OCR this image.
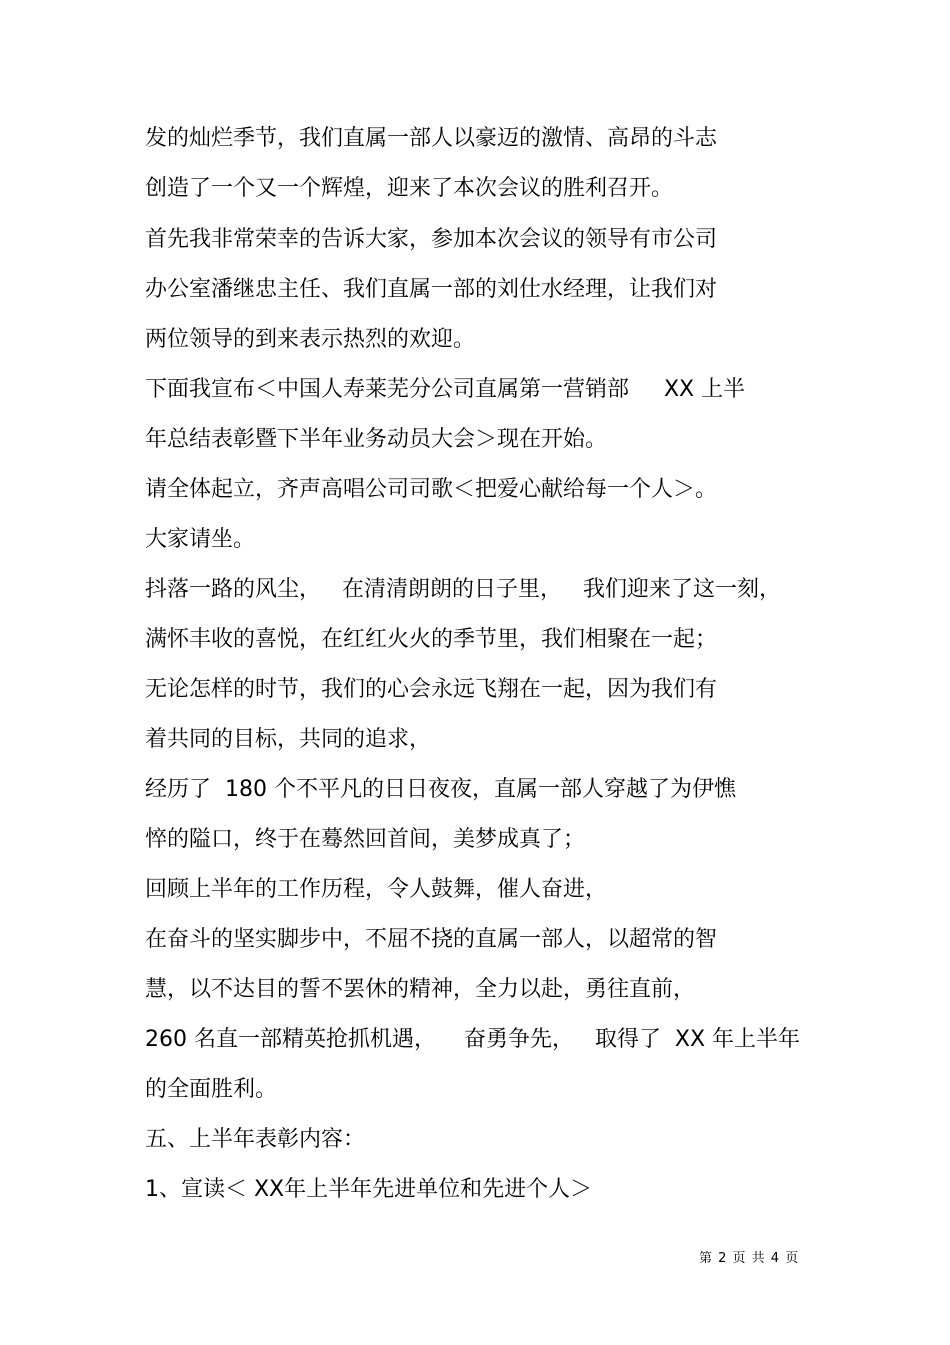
发的灿烂季节，我们直属一部人以豪迈的激情、高昂的斗志
创造了一个又一个辉煌，迎来了本次会议的胜利召开。
首先我非常荣幸的告诉大家，参加本次会议的领导有市公司
办公室潘继忠主任、我们直属一部的刘仕水经理，让我们对
两位领导的到来表示热烈的欢迎。
下面我宣布＜中国人寿莱芜分公司直属第一营销部     XX 上半
年总结表彰暨下半年业务动员大会＞现在开始。
请全体起立，齐声高唱公司司歌＜把爱心献给每一个人＞。
大家请坐。
抖落一路的风尘，   在清清朗朗的日子里，   我们迎来了这一刻，
满怀丰收的喜悦，在红红火火的季节里，我们相聚在一起；
无论怎样的时节，我们的心会永远飞翔在一起，因为我们有
着共同的目标，共同的追求，
经历了  180 个不平凡的日日夜夜，直属一部人穿越了为伊憔
悴的隘口，终于在蓦然回首间，美梦成真了；
回顾上半年的工作历程，令人鼓舞，催人奋进，
在奋斗的坚实脚步中，不屈不挠的直属一部人，以超常的智
慧，以不达目的誓不罢休的精神，全力以赴，勇往直前，
260 名直一部精英抢抓机遇，    奋勇争先，   取得了  XX 年上半年
的全面胜利。
五、上半年表彰内容：
1、宣读＜ XX年上半年先进单位和先进个人＞
第 2 页 共 4 页
